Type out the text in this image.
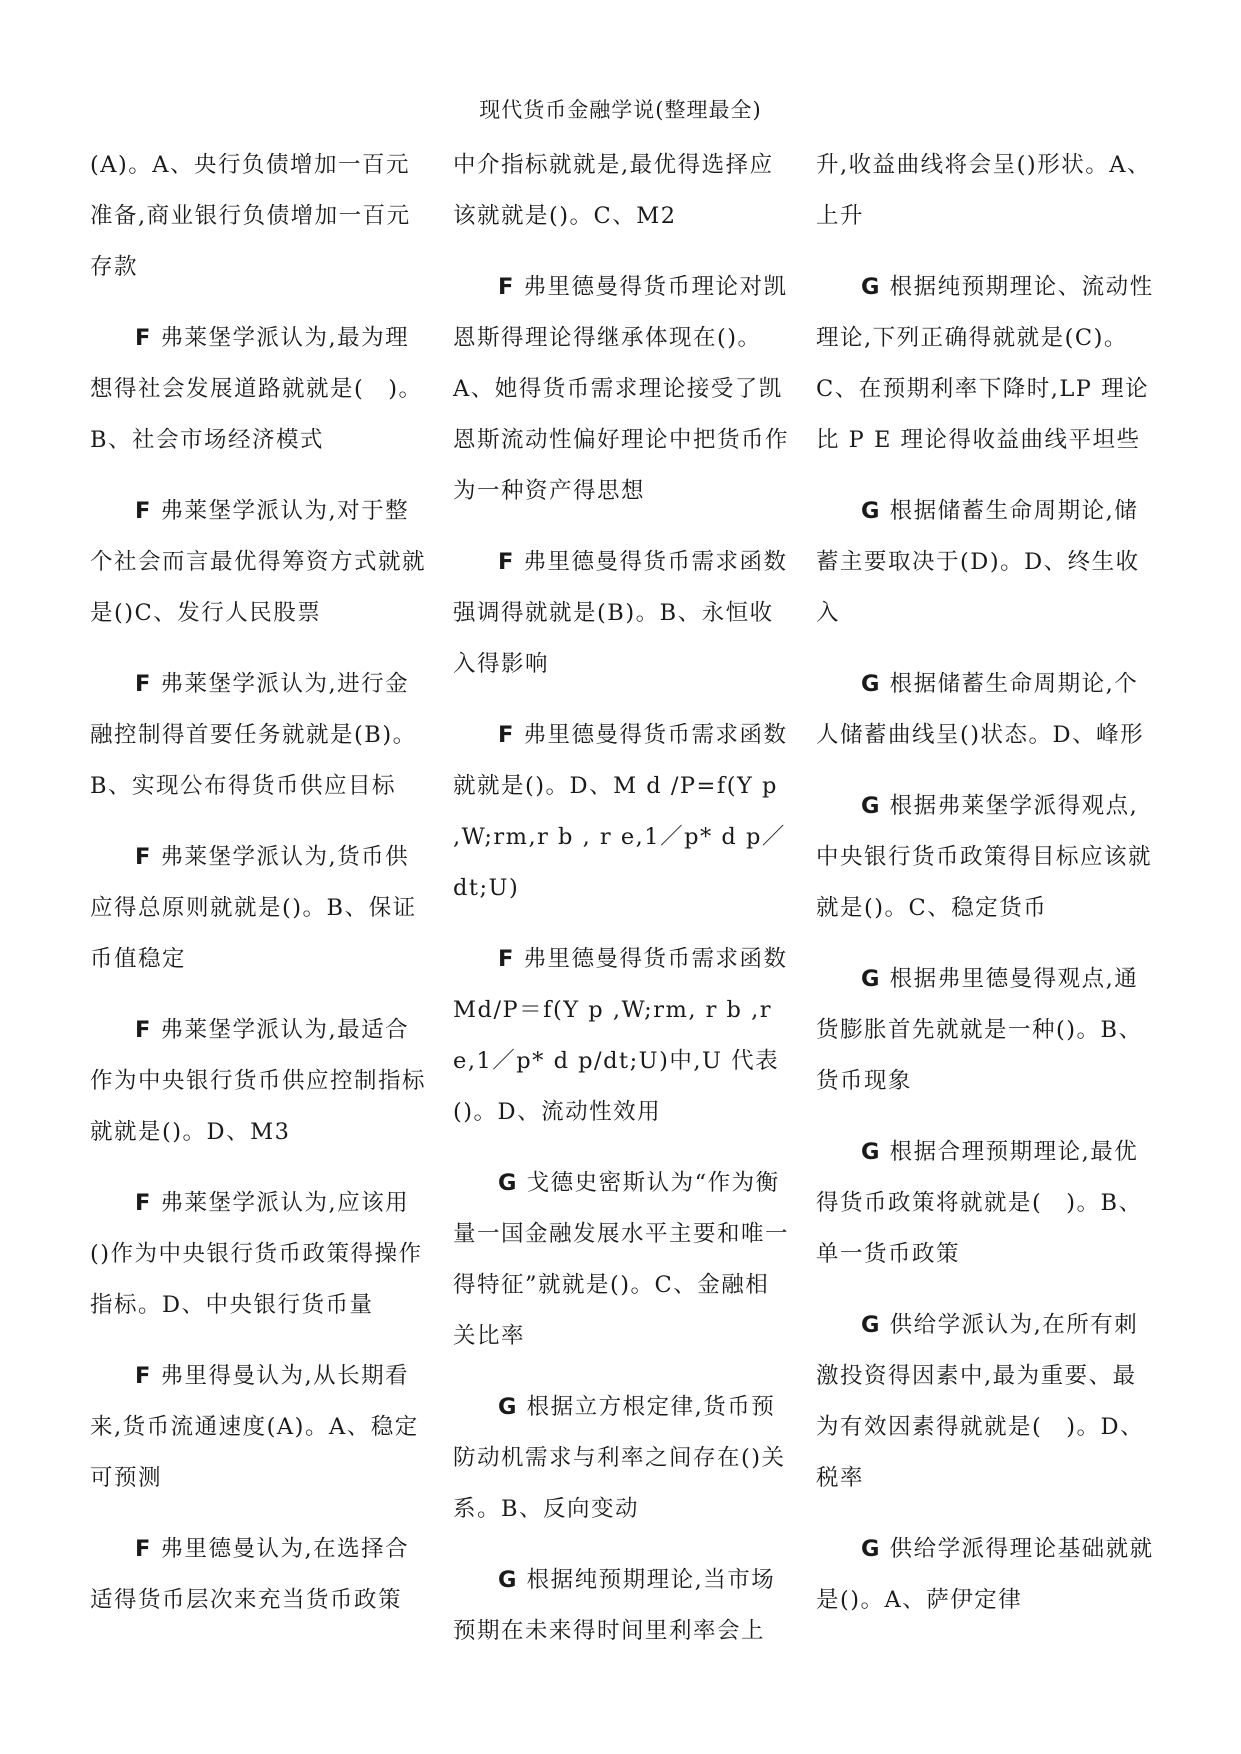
现代货币金融学说(整理最全)

(A)。A、央行负债增加一百元准备,商业银行负债增加一百元存款

F 弗莱堡学派认为,最为理想得社会发展道路就就是(　)。B、社会市场经济模式

F 弗莱堡学派认为,对于整个社会而言最优得筹资方式就就是()C、发行人民股票

F 弗莱堡学派认为,进行金融控制得首要任务就就是(B)。B、实现公布得货币供应目标

F 弗莱堡学派认为,货币供应得总原则就就是()。B、保证币值稳定

F 弗莱堡学派认为,最适合作为中央银行货币供应控制指标就就是()。D、M3

F 弗莱堡学派认为,应该用()作为中央银行货币政策得操作指标。D、中央银行货币量

F 弗里得曼认为,从长期看来,货币流通速度(A)。A、稳定可预测

F 弗里德曼认为,在选择合适得货币层次来充当货币政策

中介指标就就是,最优得选择应该就就是()。C、M2

F 弗里德曼得货币理论对凯恩斯得理论得继承体现在()。A、她得货币需求理论接受了凯恩斯流动性偏好理论中把货币作为一种资产得思想

F 弗里德曼得货币需求函数强调得就就是(B)。B、永恒收入得影响

F 弗里德曼得货币需求函数就就是()。D、M d /P=f(Y p ,W;rm,r b , r e,1／p* d p／dt;U)

F 弗里德曼得货币需求函数 Md/P＝f(Y p ,W;rm, r b ,re,1／p* d p/dt;U)中,U 代表()。D、流动性效用

G 戈德史密斯认为“作为衡量一国金融发展水平主要和唯一得特征”就就是()。C、金融相关比率

G 根据立方根定律,货币预防动机需求与利率之间存在()关系。B、反向变动

G 根据纯预期理论,当市场预期在未来得时间里利率会上

升,收益曲线将会呈()形状。A、上升

G 根据纯预期理论、流动性理论,下列正确得就就是(C)。C、在预期利率下降时,LP 理论比 P E 理论得收益曲线平坦些

G 根据储蓄生命周期论,储蓄主要取决于(D)。D、终生收入

G 根据储蓄生命周期论,个人储蓄曲线呈()状态。D、峰形

G 根据弗莱堡学派得观点,中央银行货币政策得目标应该就就是()。C、稳定货币

G 根据弗里德曼得观点,通货膨胀首先就就是一种()。B、货币现象

G 根据合理预期理论,最优得货币政策将就就是(　)。B、单一货币政策

G 供给学派认为,在所有刺激投资得因素中,最为重要、最为有效因素得就就是(　)。D、税率

G 供给学派得理论基础就就是()。A、萨伊定律
